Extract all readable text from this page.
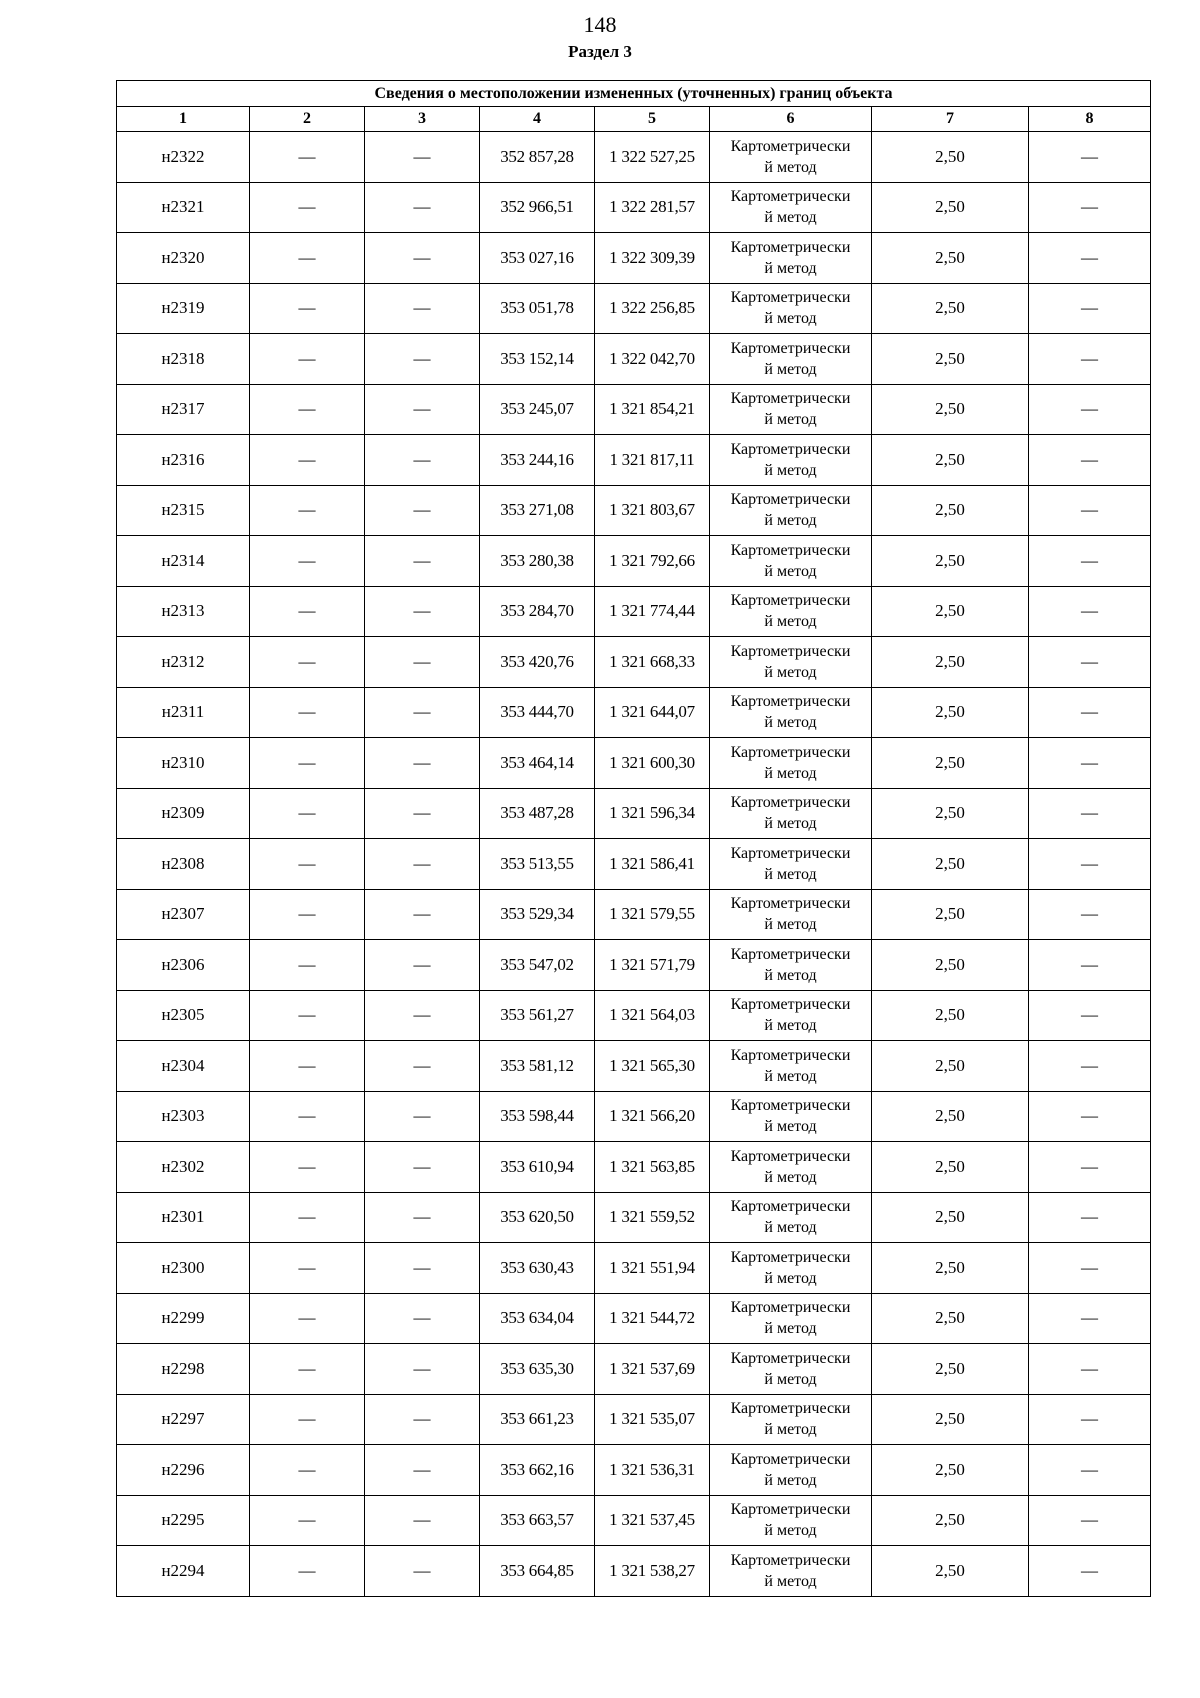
148
Раздел 3
Сведения о местоположении измененных (уточненных) границ объекта							
1	2	3	4	5	6	7	8
н2322	—	—	352 857,28	1 322 527,25	Картометрически
й метод	2,50	—
н2321	—	—	352 966,51	1 322 281,57	Картометрически
й метод	2,50	—
н2320	—	—	353 027,16	1 322 309,39	Картометрически
й метод	2,50	—
н2319	—	—	353 051,78	1 322 256,85	Картометрически
й метод	2,50	—
н2318	—	—	353 152,14	1 322 042,70	Картометрически
й метод	2,50	—
н2317	—	—	353 245,07	1 321 854,21	Картометрически
й метод	2,50	—
н2316	—	—	353 244,16	1 321 817,11	Картометрически
й метод	2,50	—
н2315	—	—	353 271,08	1 321 803,67	Картометрически
й метод	2,50	—
н2314	—	—	353 280,38	1 321 792,66	Картометрически
й метод	2,50	—
н2313	—	—	353 284,70	1 321 774,44	Картометрически
й метод	2,50	—
н2312	—	—	353 420,76	1 321 668,33	Картометрически
й метод	2,50	—
н2311	—	—	353 444,70	1 321 644,07	Картометрически
й метод	2,50	—
н2310	—	—	353 464,14	1 321 600,30	Картометрически
й метод	2,50	—
н2309	—	—	353 487,28	1 321 596,34	Картометрически
й метод	2,50	—
н2308	—	—	353 513,55	1 321 586,41	Картометрически
й метод	2,50	—
н2307	—	—	353 529,34	1 321 579,55	Картометрически
й метод	2,50	—
н2306	—	—	353 547,02	1 321 571,79	Картометрически
й метод	2,50	—
н2305	—	—	353 561,27	1 321 564,03	Картометрически
й метод	2,50	—
н2304	—	—	353 581,12	1 321 565,30	Картометрически
й метод	2,50	—
н2303	—	—	353 598,44	1 321 566,20	Картометрически
й метод	2,50	—
н2302	—	—	353 610,94	1 321 563,85	Картометрически
й метод	2,50	—
н2301	—	—	353 620,50	1 321 559,52	Картометрически
й метод	2,50	—
н2300	—	—	353 630,43	1 321 551,94	Картометрически
й метод	2,50	—
н2299	—	—	353 634,04	1 321 544,72	Картометрически
й метод	2,50	—
н2298	—	—	353 635,30	1 321 537,69	Картометрически
й метод	2,50	—
н2297	—	—	353 661,23	1 321 535,07	Картометрически
й метод	2,50	—
н2296	—	—	353 662,16	1 321 536,31	Картометрически
й метод	2,50	—
н2295	—	—	353 663,57	1 321 537,45	Картометрически
й метод	2,50	—
н2294	—	—	353 664,85	1 321 538,27	Картометрически
й метод	2,50	—
